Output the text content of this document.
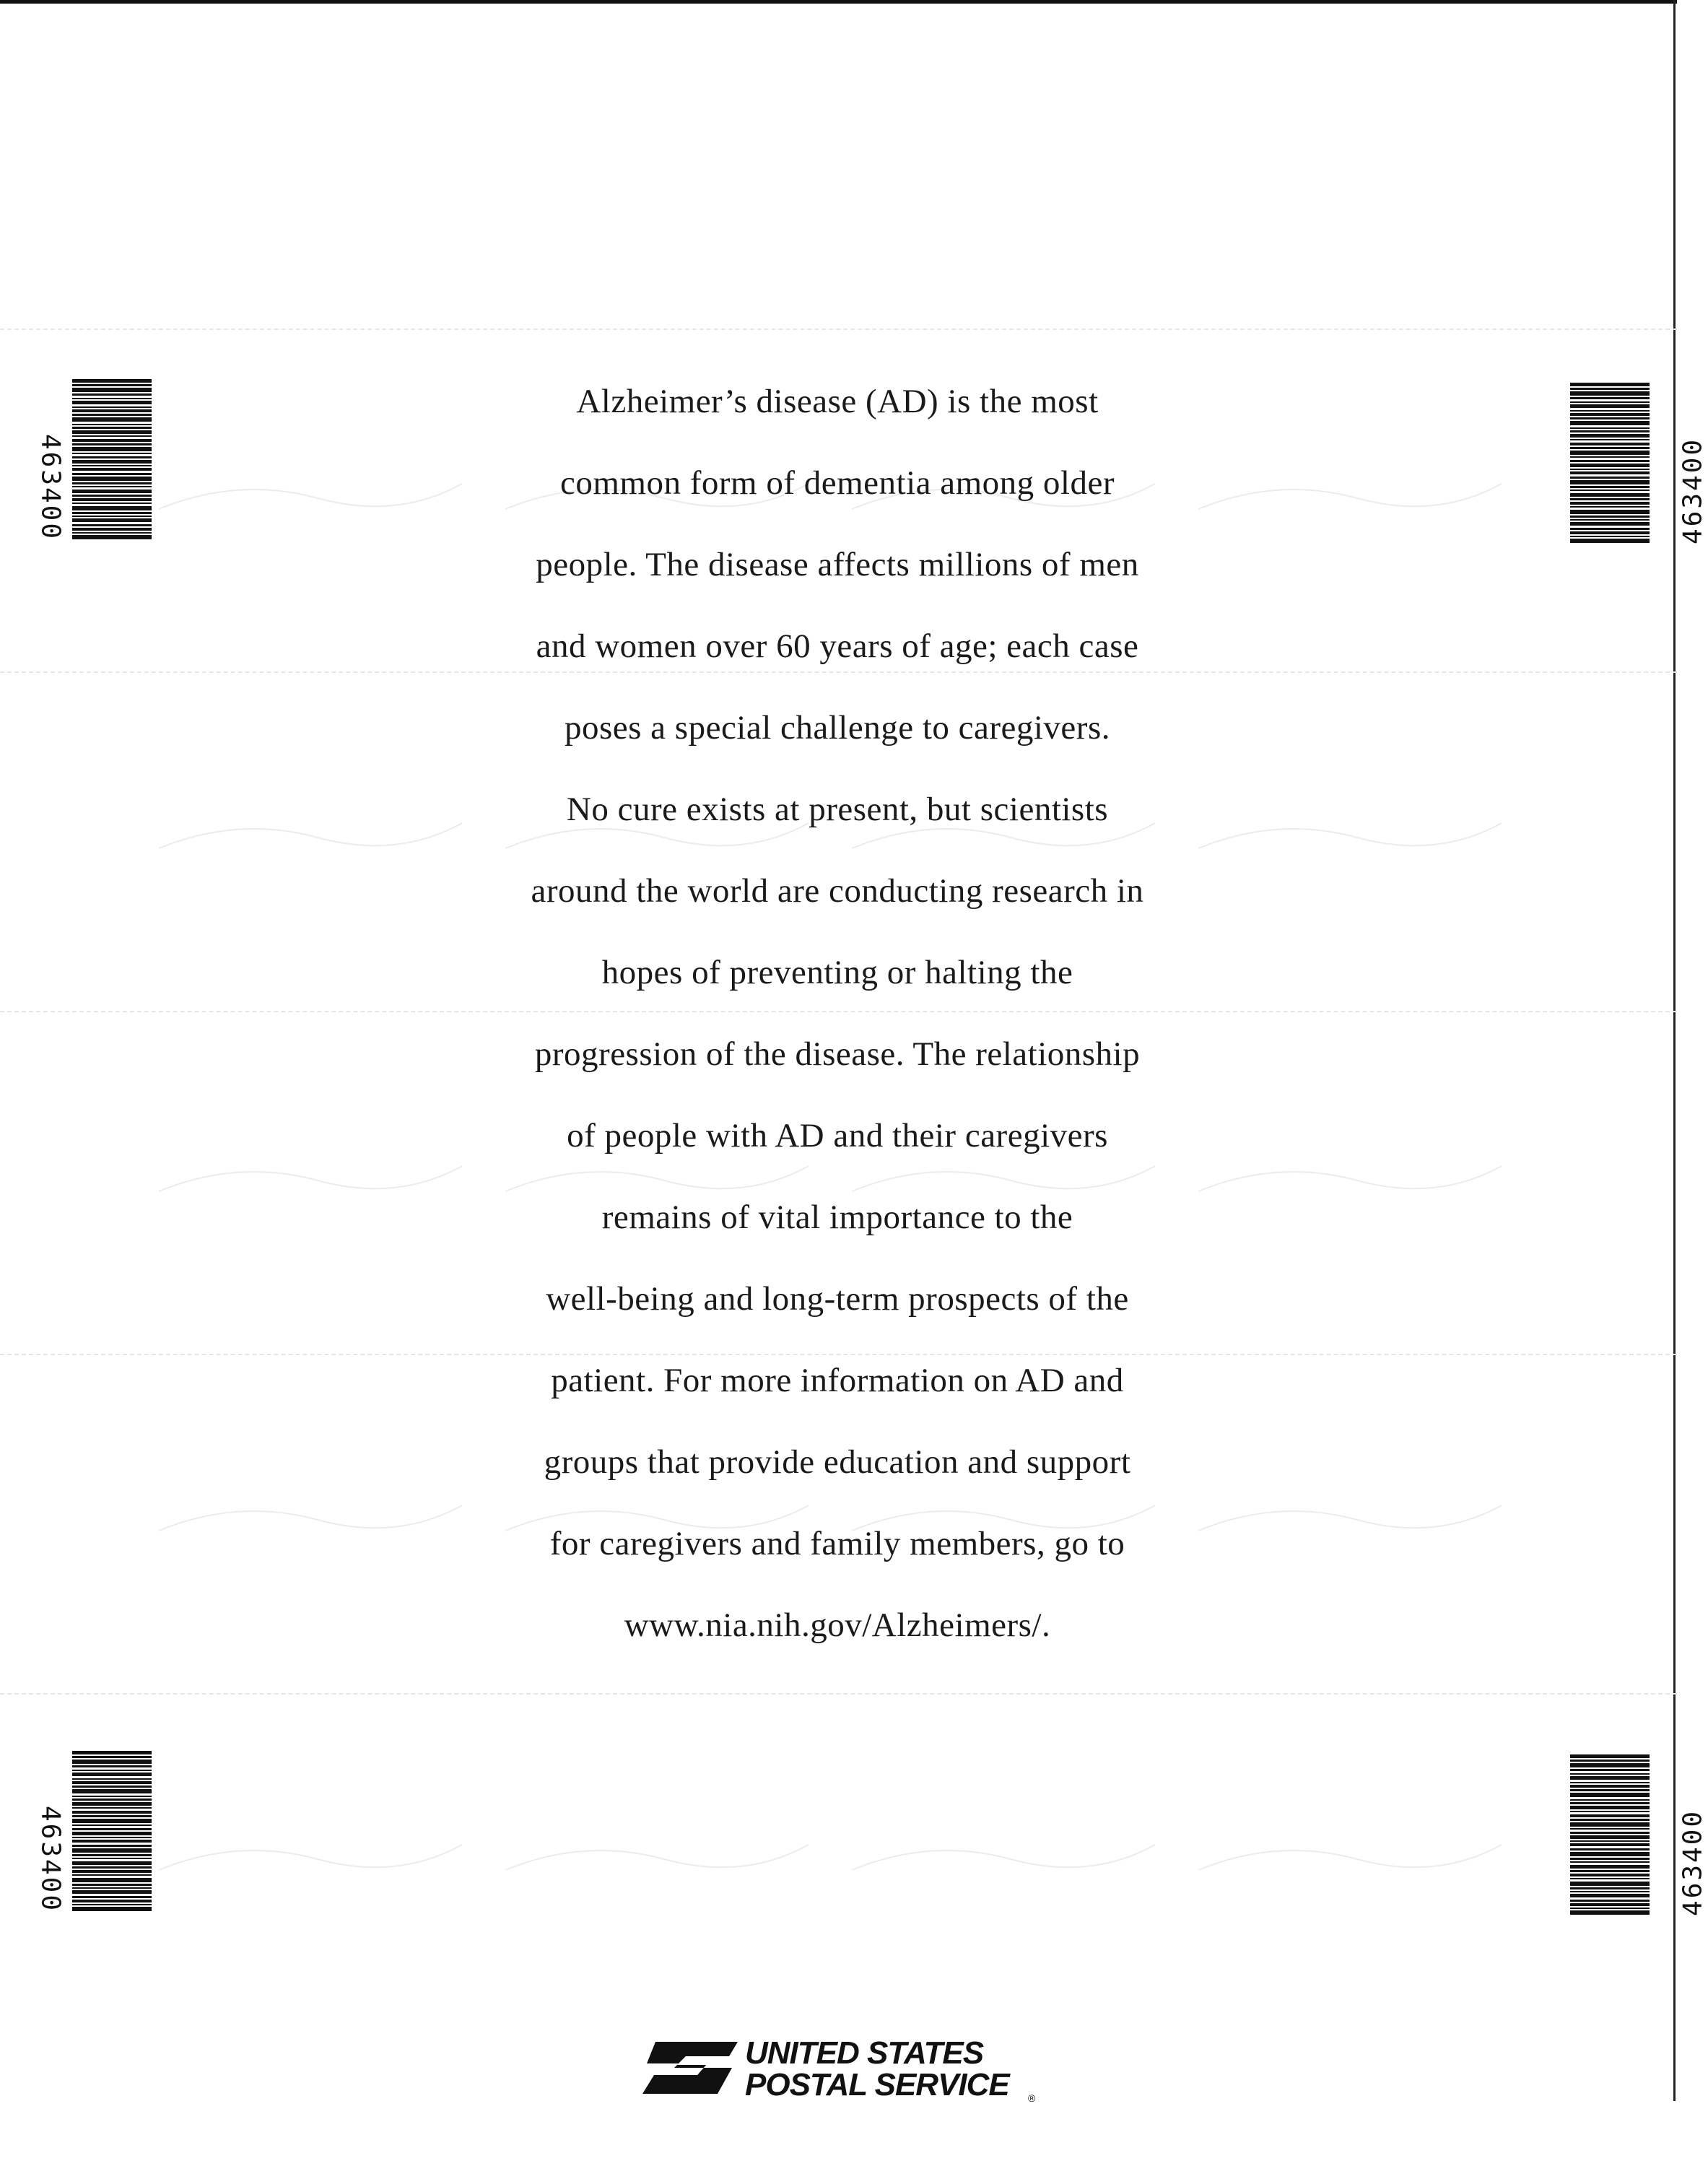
Alzheimer’s disease (AD) is the most
common form of dementia among older
people. The disease affects millions of men
and women over 60 years of age; each case
poses a special challenge to caregivers.
No cure exists at present, but scientists
around the world are conducting research in
hopes of preventing or halting the
progression of the disease. The relationship
of people with AD and their caregivers
remains of vital importance to the
well-being and long-term prospects of the
patient. For more information on AD and
groups that provide education and support
for caregivers and family members, go to
www.nia.nih.gov/Alzheimers/.

463400	463400
463400	463400
UNITED STATES
POSTAL SERVICE ®
